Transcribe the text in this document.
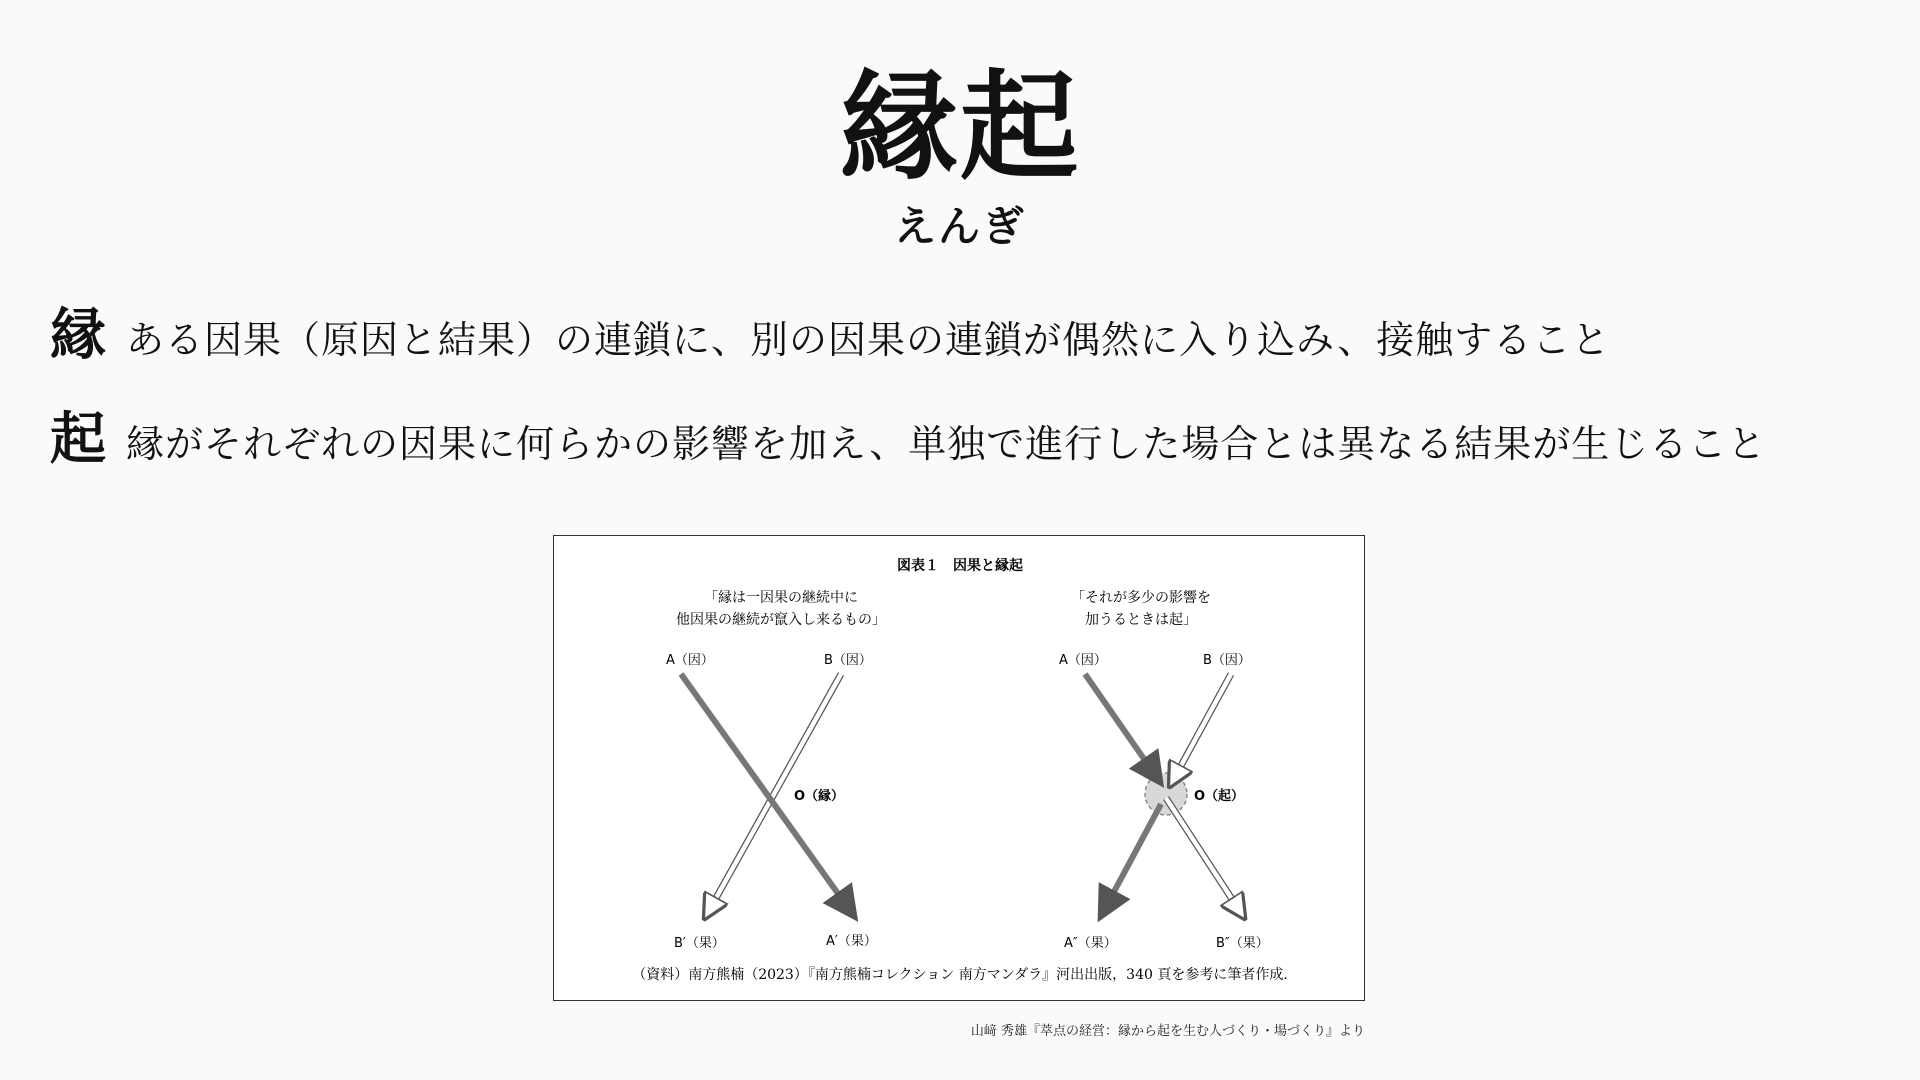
縁起
えんぎ
縁 ある因果（原因と結果）の連鎖に、別の因果の連鎖が偶然に入り込み、接触すること
起 縁がそれぞれの因果に何らかの影響を加え、単独で進行した場合とは異なる結果が生じること
図表１　因果と縁起
「縁は一因果の継続中に
他因果の継続が竄入し来るもの」
A（因）	B（因）
O（縁）
B′（果）	A′（果）
「それが多少の影響を
加うるときは起」
A（因）	B（因）
O（起）
A″（果）	B″（果）
（資料）南方熊楠（2023）『南方熊楠コレクション 南方マンダラ』河出出版，340 頁を参考に筆者作成.
山﨑 秀雄『萃点の経営：縁から起を生む人づくり・場づくり』より
